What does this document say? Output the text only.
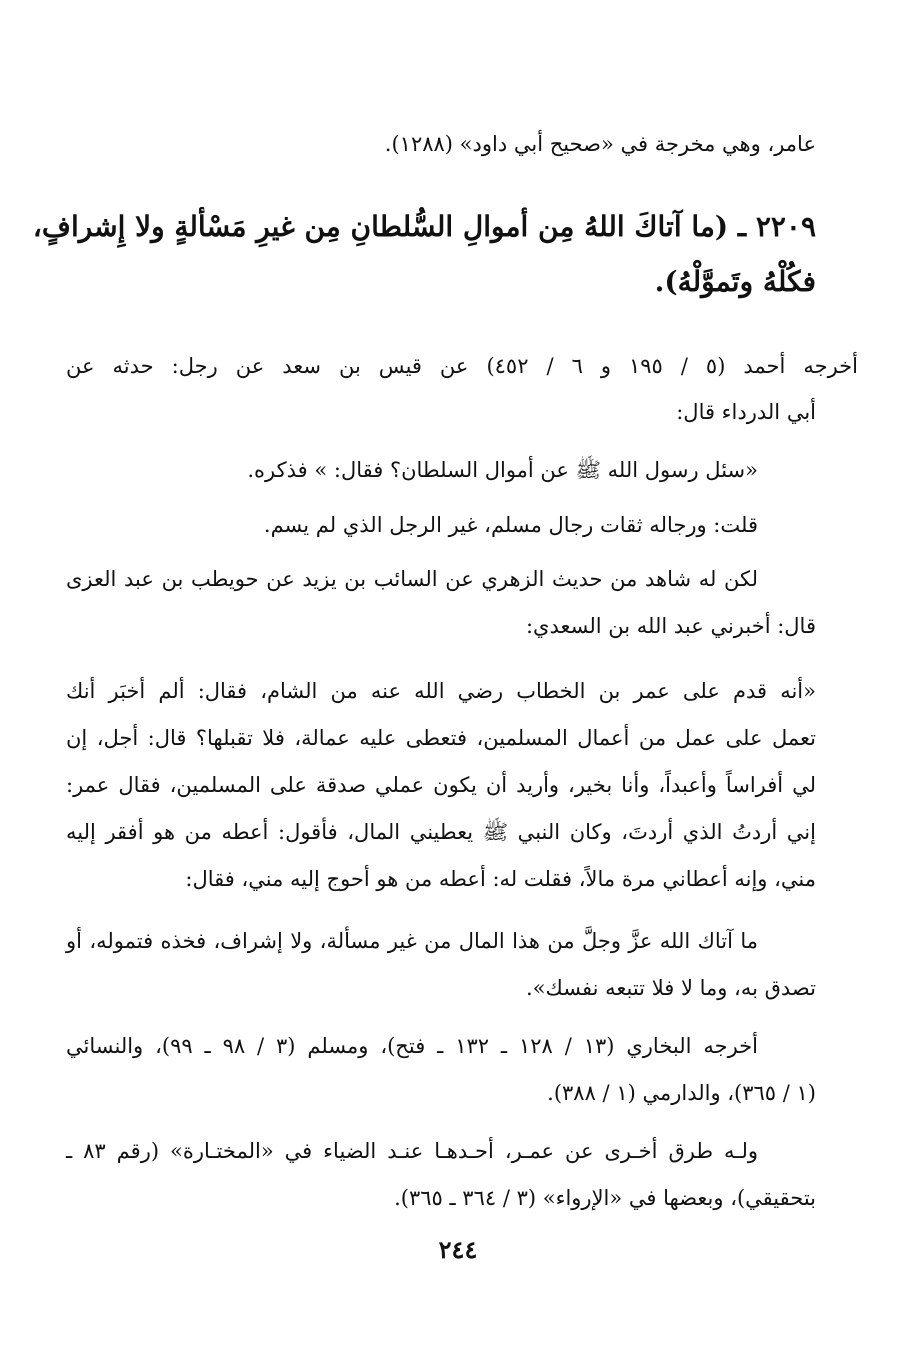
عامر، وهي مخرجة في «صحيح أبي داود» (١٢٨٨).
٢٢٠٩ ـ (ما آتاكَ اللهُ مِن أموالِ السُّلطانِ مِن غيرِ مَسْألةٍ ولا إِشرافٍ،
فكُلْهُ وتَموَّلْهُ).
أخرجه أحمد (٥ / ١٩٥ و ٦ / ٤٥٢) عن قيس بن سعد عن رجل: حدثه عن
أبي الدرداء قال:
«سئل رسول الله ﷺ عن أموال السلطان؟ فقال: » فذكره.
قلت: ورجاله ثقات رجال مسلم، غير الرجل الذي لم يسم.
لكن له شاهد من حديث الزهري عن السائب بن يزيد عن حويطب بن عبد العزى
قال: أخبرني عبد الله بن السعدي:
«أنه قدم على عمر بن الخطاب رضي الله عنه من الشام، فقال: ألم أخبَر أنك
تعمل على عمل من أعمال المسلمين، فتعطى عليه عمالة، فلا تقبلها؟ قال: أجل، إن
لي أفراساً وأعبداً، وأنا بخير، وأريد أن يكون عملي صدقة على المسلمين، فقال عمر:
إني أردتُ الذي أردتَ، وكان النبي ﷺ يعطيني المال، فأقول: أعطه من هو أفقر إليه
مني، وإنه أعطاني مرة مالاً، فقلت له: أعطه من هو أحوج إليه مني، فقال:
ما آتاك الله عزَّ وجلَّ من هذا المال من غير مسألة، ولا إشراف، فخذه فتموله، أو
تصدق به، وما لا فلا تتبعه نفسك».
أخرجه البخاري (١٣ / ١٢٨ ـ ١٣٢ ـ فتح)، ومسلم (٣ / ٩٨ ـ ٩٩)، والنسائي
(١ / ٣٦٥)، والدارمي (١ / ٣٨٨).
ولـه طرق أخـرى عن عمـر، أحـدهـا عنـد الضياء في «المختـارة» (رقم ٨٣ ـ
بتحقيقي)، وبعضها في «الإرواء» (٣ / ٣٦٤ ـ ٣٦٥).
٢٤٤
